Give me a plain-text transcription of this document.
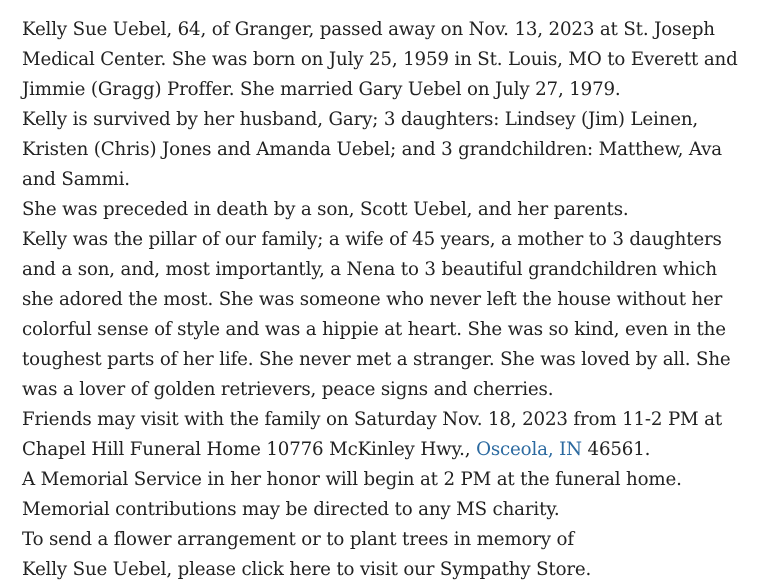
Kelly Sue Uebel, 64, of Granger, passed away on Nov. 13, 2023 at St. Joseph Medical Center. She was born on July 25, 1959 in St. Louis, MO to Everett and Jimmie (Gragg) Proffer. She married Gary Uebel on July 27, 1979.

Kelly is survived by her husband, Gary; 3 daughters: Lindsey (Jim) Leinen, Kristen (Chris) Jones and Amanda Uebel; and 3 grandchildren: Matthew, Ava and Sammi.

She was preceded in death by a son, Scott Uebel, and her parents.

Kelly was the pillar of our family; a wife of 45 years, a mother to 3 daughters and a son, and, most importantly, a Nena to 3 beautiful grandchildren which she adored the most. She was someone who never left the house without her colorful sense of style and was a hippie at heart. She was so kind, even in the toughest parts of her life. She never met a stranger. She was loved by all. She was a lover of golden retrievers, peace signs and cherries.

Friends may visit with the family on Saturday Nov. 18, 2023 from 11-2 PM at Chapel Hill Funeral Home 10776 McKinley Hwy., Osceola, IN 46561.

A Memorial Service in her honor will begin at 2 PM at the funeral home.

Memorial contributions may be directed to any MS charity.

To send a flower arrangement or to plant trees in memory of
Kelly Sue Uebel, please click here to visit our Sympathy Store.
